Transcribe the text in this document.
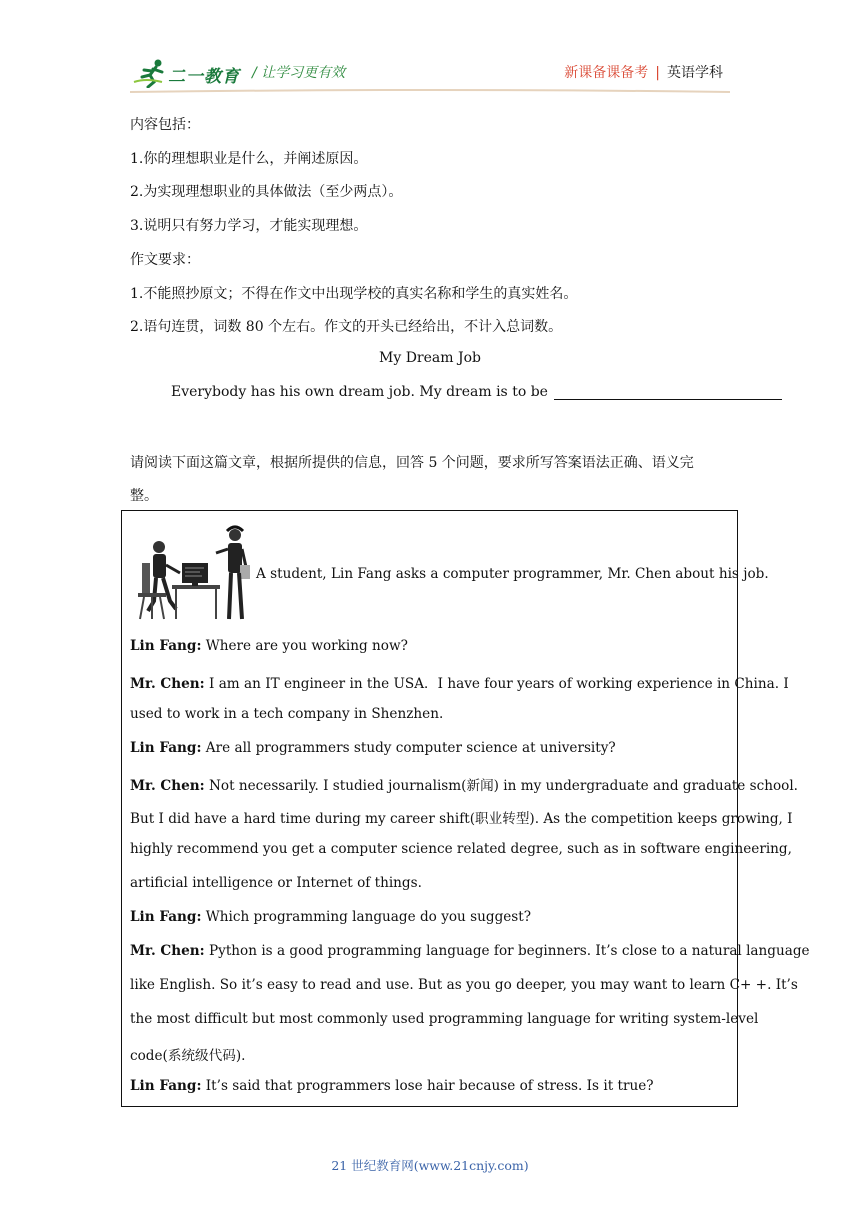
二一教育 / 让学习更有效	新课备课备考 | 英语学科
内容包括：
1.你的理想职业是什么，并阐述原因。
2.为实现理想职业的具体做法（至少两点）。
3.说明只有努力学习，才能实现理想。
作文要求：
1.不能照抄原文；不得在作文中出现学校的真实名称和学生的真实姓名。
2.语句连贯，词数 80 个左右。作文的开头已经给出，不计入总词数。
My Dream Job
Everybody has his own dream job. My dream is to be
请阅读下面这篇文章，根据所提供的信息，回答 5 个问题，要求所写答案语法正确、语义完
整。
A student, Lin Fang asks a computer programmer, Mr. Chen about his job.
Lin Fang: Where are you working now?
Mr. Chen: I am an IT engineer in the USA．I have four years of working experience in China. I
used to work in a tech company in Shenzhen.
Lin Fang: Are all programmers study computer science at university?
Mr. Chen: Not necessarily. I studied journalism(新闻) in my undergraduate and graduate school.
But I did have a hard time during my career shift(职业转型). As the competition keeps growing, I
highly recommend you get a computer science related degree, such as in software engineering,
artificial intelligence or Internet of things.
Lin Fang: Which programming language do you suggest?
Mr. Chen: Python is a good programming language for beginners. It’s close to a natural language
like English. So it’s easy to read and use. But as you go deeper, you may want to learn C+ +. It’s
the most difficult but most commonly used programming language for writing system-level
code(系统级代码).
Lin Fang: It’s said that programmers lose hair because of stress. Is it true?
21 世纪教育网(www.21cnjy.com)
